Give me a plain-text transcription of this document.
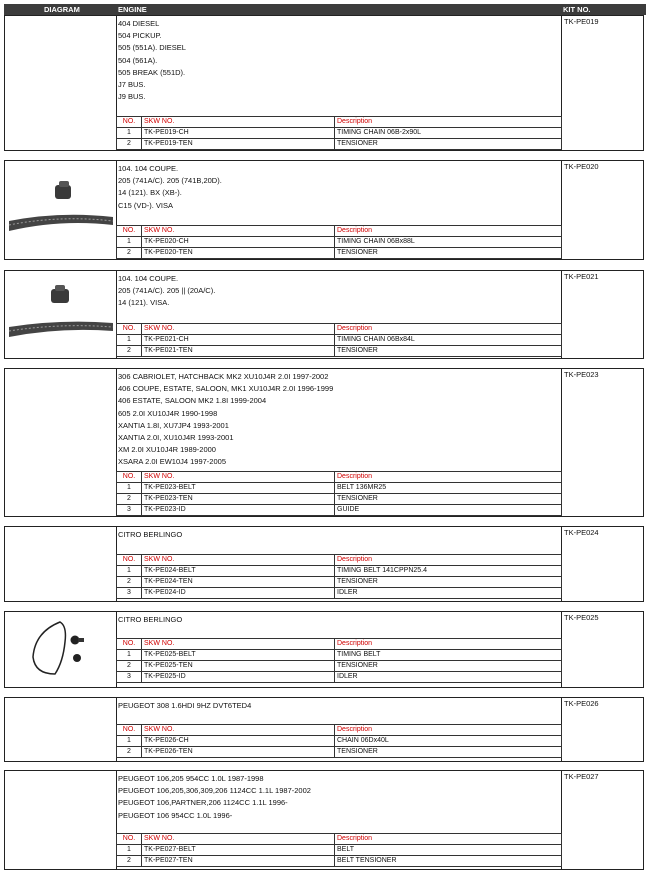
DIAGRAM	ENGINE	KIT NO.
TK-PE019
404 DIESEL
504 PICKUP.
505 (551A). DIESEL
504 (561A).
505 BREAK (551D).
J7 BUS.
J9 BUS.
NO.	SKW NO.	Description
1	TK-PE019-CH	TIMING CHAIN 06B-2x90L
2	TK-PE019-TEN	TENSIONER
TK-PE020
104. 104 COUPE.
205 (741A/C). 205 (741B,20D).
14 (121). BX (XB-).
C15 (VD-). VISA
NO.	SKW NO.	Description
1	TK-PE020-CH	TIMING CHAIN 06Bx88L
2	TK-PE020-TEN	TENSIONER
TK-PE021
104. 104 COUPE.
205 (741A/C). 205 || (20A/C).
14 (121). VISA.
NO.	SKW NO.	Description
1	TK-PE021-CH	TIMING CHAIN 06Bx84L
2	TK-PE021-TEN	TENSIONER
TK-PE023
306 CABRIOLET, HATCHBACK MK2 XU10J4R 2.0I 1997-2002
406 COUPE, ESTATE, SALOON, MK1 XU10J4R 2.0I 1996-1999
406 ESTATE, SALOON MK2 1.8I 1999-2004
605 2.0I XU10J4R 1990-1998
XANTIA 1.8I, XU7JP4 1993-2001
XANTIA 2.0I, XU10J4R 1993-2001
XM 2.0I XU10J4R 1989-2000
XSARA 2.0I EW10J4 1997-2005
NO.	SKW NO.	Description
1	TK-PE023-BELT	BELT 136MR25
2	TK-PE023-TEN	TENSIONER
3	TK-PE023-ID	GUIDE
TK-PE024
CITRO BERLINGO
NO.	SKW NO.	Description
1	TK-PE024-BELT	TIMING BELT 141CPPN25.4
2	TK-PE024-TEN	TENSIONER
3	TK-PE024-ID	IDLER
TK-PE025
CITRO BERLINGO
NO.	SKW NO.	Description
1	TK-PE025-BELT	TIMING BELT
2	TK-PE025-TEN	TENSIONER
3	TK-PE025-ID	IDLER
TK-PE026
PEUGEOT 308 1.6HDI 9HZ DVT6TED4
NO.	SKW NO.	Description
1	TK-PE026-CH	CHAIN 06Dx40L
2	TK-PE026-TEN	TENSIONER
TK-PE027
PEUGEOT 106,205 954CC 1.0L 1987-1998
PEUGEOT 106,205,306,309,206 1124CC 1.1L 1987-2002
PEUGEOT 106,PARTNER,206 1124CC 1.1L 1996-
PEUGEOT 106 954CC 1.0L 1996-
NO.	SKW NO.	Description
1	TK-PE027-BELT	BELT
2	TK-PE027-TEN	BELT TENSIONER
